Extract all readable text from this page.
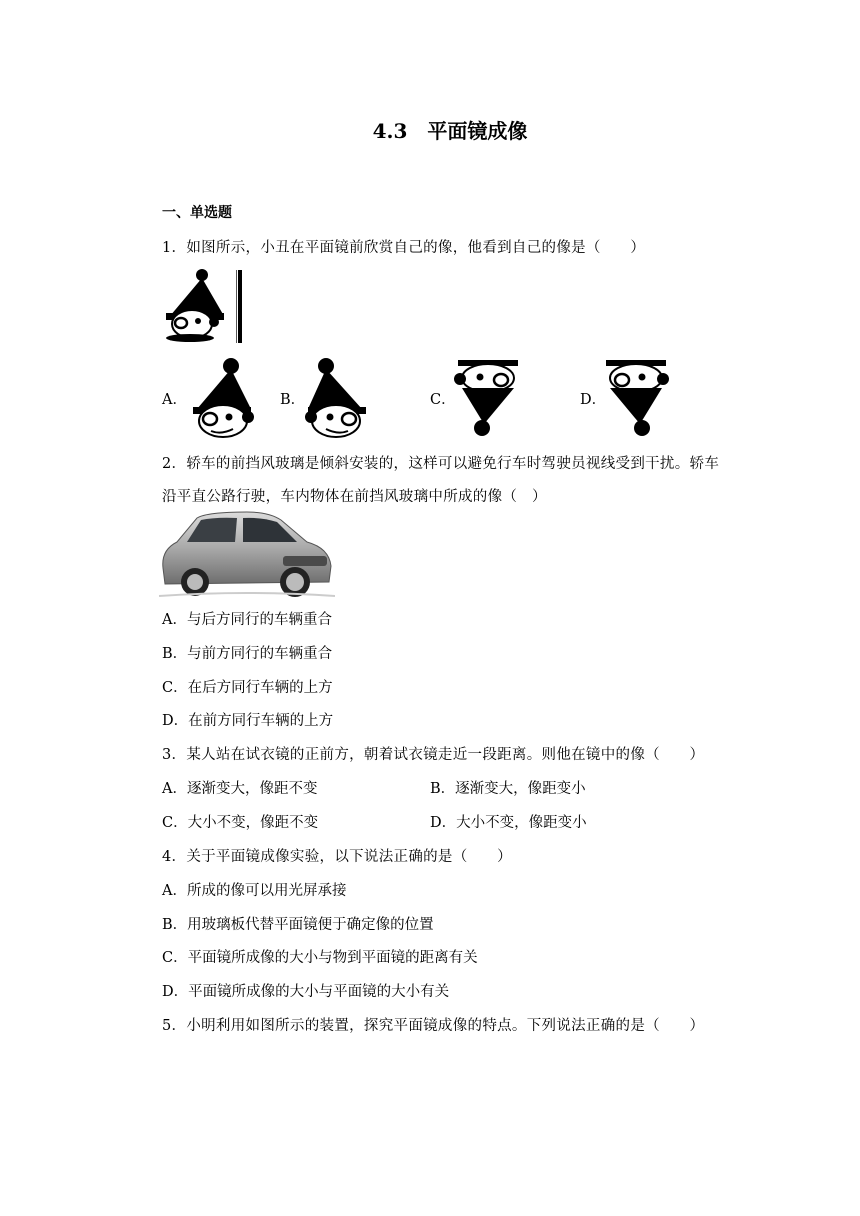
4.3　平面镜成像
一、单选题
1．如图所示，小丑在平面镜前欣赏自己的像，他看到自己的像是（　　）
A．	B．	C．	D．
2．轿车的前挡风玻璃是倾斜安装的，这样可以避免行车时驾驶员视线受到干扰。轿车
沿平直公路行驶，车内物体在前挡风玻璃中所成的像（　）
A．与后方同行的车辆重合
B．与前方同行的车辆重合
C．在后方同行车辆的上方
D．在前方同行车辆的上方
3．某人站在试衣镜的正前方，朝着试衣镜走近一段距离。则他在镜中的像（　　）
A．逐渐变大，像距不变	B．逐渐变大，像距变小
C．大小不变，像距不变	D．大小不变，像距变小
4．关于平面镜成像实验，以下说法正确的是（　　）
A．所成的像可以用光屏承接
B．用玻璃板代替平面镜便于确定像的位置
C．平面镜所成像的大小与物到平面镜的距离有关
D．平面镜所成像的大小与平面镜的大小有关
5．小明利用如图所示的装置，探究平面镜成像的特点。下列说法正确的是（　　）
